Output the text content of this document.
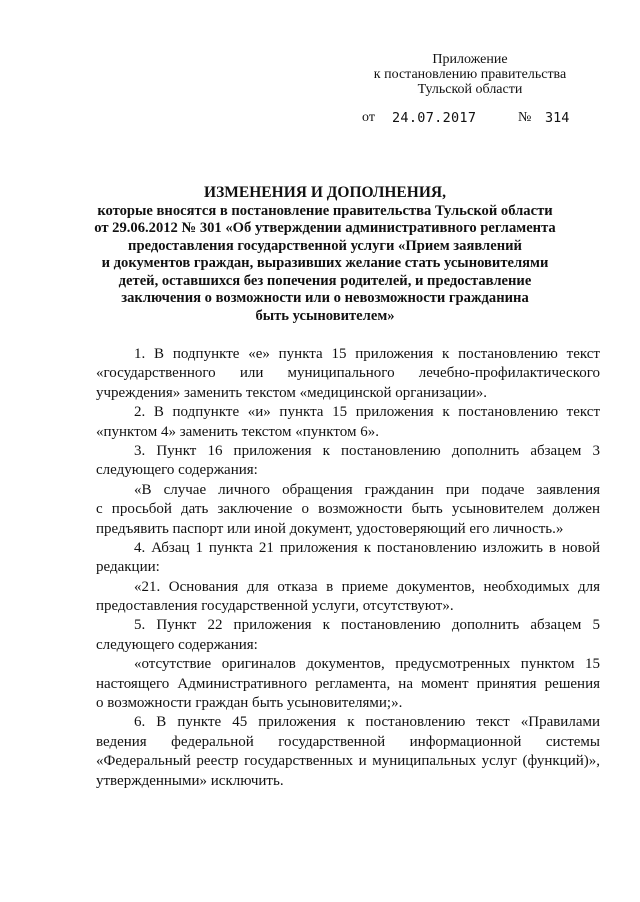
Приложение
к постановлению правительства
Тульской области
от 24.07.2017	№ 314
ИЗМЕНЕНИЯ И ДОПОЛНЕНИЯ,
которые вносятся в постановление правительства Тульской области
от 29.06.2012 № 301 «Об утверждении административного регламента
предоставления государственной услуги «Прием заявлений
и документов граждан, выразивших желание стать усыновителями
детей, оставшихся без попечения родителей, и предоставление
заключения о возможности или о невозможности гражданина
быть усыновителем»
1. В подпункте «е» пункта 15 приложения к постановлению текст
«государственного или муниципального лечебно-профилактического
учреждения» заменить текстом «медицинской организации».
2. В подпункте «и» пункта 15 приложения к постановлению текст
«пунктом 4» заменить текстом «пунктом 6».
3. Пункт 16 приложения к постановлению дополнить абзацем 3
следующего содержания:
«В случае личного обращения гражданин при подаче заявления
с просьбой дать заключение о возможности быть усыновителем должен
предъявить паспорт или иной документ, удостоверяющий его личность.»
4. Абзац 1 пункта 21 приложения к постановлению изложить в новой
редакции:
«21. Основания для отказа в приеме документов, необходимых для
предоставления государственной услуги, отсутствуют».
5. Пункт 22 приложения к постановлению дополнить абзацем 5
следующего содержания:
«отсутствие оригиналов документов, предусмотренных пунктом 15
настоящего Административного регламента, на момент принятия решения
о возможности граждан быть усыновителями;».
6. В пункте 45 приложения к постановлению текст «Правилами
ведения федеральной государственной информационной системы
«Федеральный реестр государственных и муниципальных услуг (функций)»,
утвержденными» исключить.
